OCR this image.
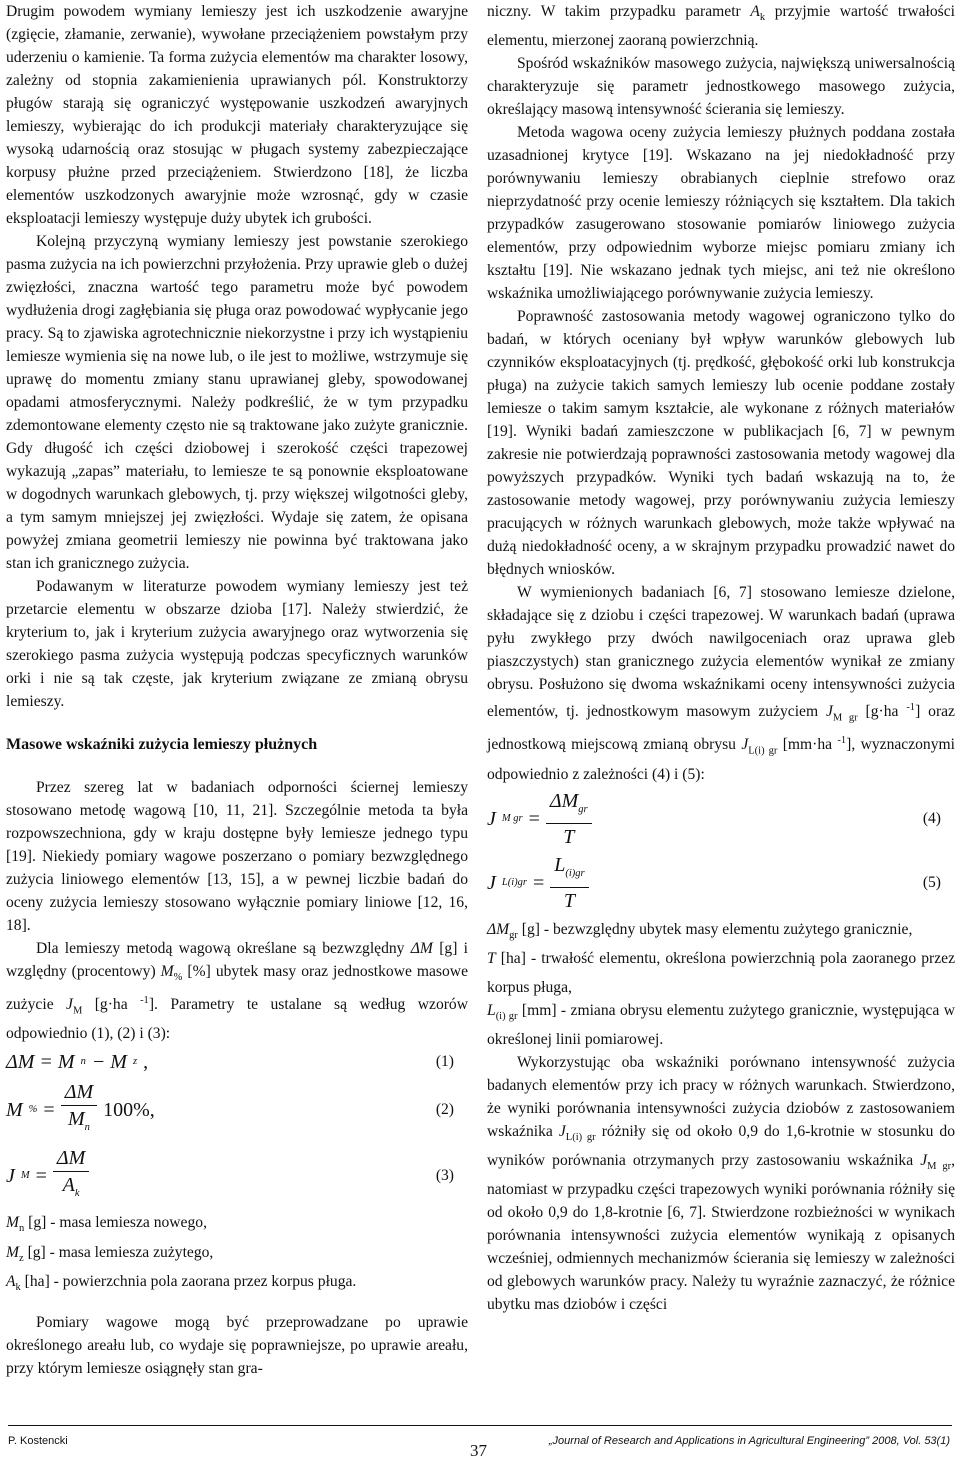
Drugim powodem wymiany lemieszy jest ich uszkodzenie awaryjne (zgięcie, złamanie, zerwanie), wywołane przeciążeniem powstałym przy uderzeniu o kamienie. Ta forma zużycia elementów ma charakter losowy, zależny od stopnia zakamienienia uprawianych pól. Konstruktorzy pługów starają się ograniczyć występowanie uszkodzeń awaryjnych lemieszy, wybierając do ich produkcji materiały charakteryzujące się wysoką udarnością oraz stosując w pługach systemy zabezpieczające korpusy płużne przed przeciążeniem. Stwierdzono [18], że liczba elementów uszkodzonych awaryjnie może wzrosnąć, gdy w czasie eksploatacji lemieszy występuje duży ubytek ich grubości.

Kolejną przyczyną wymiany lemieszy jest powstanie szerokiego pasma zużycia na ich powierzchni przyłożenia. Przy uprawie gleb o dużej zwięzłości, znaczna wartość tego parametru może być powodem wydłużenia drogi zagłębiania się pługa oraz powodować wypłycanie jego pracy. Są to zjawiska agrotechnicznie niekorzystne i przy ich wystąpieniu lemiesze wymienia się na nowe lub, o ile jest to możliwe, wstrzymuje się uprawę do momentu zmiany stanu uprawianej gleby, spowodowanej opadami atmosferycznymi. Należy podkreślić, że w tym przypadku zdemontowane elementy często nie są traktowane jako zużyte granicznie. Gdy długość ich części dziobowej i szerokość części trapezowej wykazują „zapas” materiału, to lemiesze te są ponownie eksploatowane w dogodnych warunkach glebowych, tj. przy większej wilgotności gleby, a tym samym mniejszej jej zwięzłości. Wydaje się zatem, że opisana powyżej zmiana geometrii lemieszy nie powinna być traktowana jako stan ich granicznego zużycia.

Podawanym w literaturze powodem wymiany lemieszy jest też przetarcie elementu w obszarze dzioba [17]. Należy stwierdzić, że kryterium to, jak i kryterium zużycia awaryjnego oraz wytworzenia się szerokiego pasma zużycia występują podczas specyficznych warunków orki i nie są tak częste, jak kryterium związane ze zmianą obrysu lemieszy.

Masowe wskaźniki zużycia lemieszy płużnych

Przez szereg lat w badaniach odporności ściernej lemieszy stosowano metodę wagową [10, 11, 21]. Szczególnie metoda ta była rozpowszechniona, gdy w kraju dostępne były lemiesze jednego typu [19]. Niekiedy pomiary wagowe poszerzano o pomiary bezwzględnego zużycia liniowego elementów [13, 15], a w pewnej liczbie badań do oceny zużycia lemieszy stosowano wyłącznie pomiary liniowe [12, 16, 18].

Dla lemieszy metodą wagową określane są bezwzględny ΔM [g] i względny (procentowy) $M_{\%}$ [%] ubytek masy oraz jednostkowe masowe zużycie $J_M$ [g·ha $^{-1}$]. Parametry te ustalane są według wzorów odpowiednio (1), (2) i (3):

ΔM = M n − M z ,	(1)
M % = $\frac{\Delta M}{M_n} 100\%$,	(2)
J $M = \frac{\Delta M}{A_k}$	(3)

$M_n$ [g] - masa lemiesza nowego,

$M_z$ [g] - masa lemiesza zużytego,

$A_k$ [ha] - powierzchnia pola zaorana przez korpus pługa.

Pomiary wagowe mogą być przeprowadzane po uprawie określonego areału lub, co wydaje się poprawniejsze, po uprawie areału, przy którym lemiesze osiągnęły stan gra-

niczny. W takim przypadku parametr $A_k$ przyjmie wartość trwałości elementu, mierzonej zaoraną powierzchnią.

Spośród wskaźników masowego zużycia, największą uniwersalnością charakteryzuje się parametr jednostkowego masowego zużycia, określający masową intensywność ścierania się lemieszy.

Metoda wagowa oceny zużycia lemieszy płużnych poddana została uzasadnionej krytyce [19]. Wskazano na jej niedokładność przy porównywaniu lemieszy obrabianych cieplnie strefowo oraz nieprzydatność przy ocenie lemieszy różniących się kształtem. Dla takich przypadków zasugerowano stosowanie pomiarów liniowego zużycia elementów, przy odpowiednim wyborze miejsc pomiaru zmiany ich kształtu [19]. Nie wskazano jednak tych miejsc, ani też nie określono wskaźnika umożliwiającego porównywanie zużycia lemieszy.

Poprawność zastosowania metody wagowej ograniczono tylko do badań, w których oceniany był wpływ warunków glebowych lub czynników eksploatacyjnych (tj. prędkość, głębokość orki lub konstrukcja pługa) na zużycie takich samych lemieszy lub ocenie poddane zostały lemiesze o takim samym kształcie, ale wykonane z różnych materiałów [19]. Wyniki badań zamieszczone w publikacjach [6, 7] w pewnym zakresie nie potwierdzają poprawności zastosowania metody wagowej dla powyższych przypadków. Wyniki tych badań wskazują na to, że zastosowanie metody wagowej, przy porównywaniu zużycia lemieszy pracujących w różnych warunkach glebowych, może także wpływać na dużą niedokładność oceny, a w skrajnym przypadku prowadzić nawet do błędnych wniosków.

W wymienionych badaniach [6, 7] stosowano lemiesze dzielone, składające się z dziobu i części trapezowej. W warunkach badań (uprawa pyłu zwykłego przy dwóch nawilgoceniach oraz uprawa gleb piaszczystych) stan granicznego zużycia elementów wynikał ze zmiany obrysu. Posłużono się dwoma wskaźnikami oceny intensywności zużycia elementów, tj. jednostkowym masowym zużyciem $J_{M gr}$ [g·ha $^{-1}$] oraz jednostkową miejscową zmianą obrysu $J_{L(i) gr}$ [mm·ha $^{-1}$], wyznaczonymi odpowiednio z zależności (4) i (5):

J M gr = $\frac{\Delta M_{gr}}{T}$	(4)
J $L(i)gr = \frac{L_{(i)gr}}{T}$	(5)

$\Delta M_{gr}$ [g] - bezwzględny ubytek masy elementu zużytego granicznie,

T [ha] - trwałość elementu, określona powierzchnią pola zaoranego przez korpus pługa,

$L_{(i) gr}$ [mm] - zmiana obrysu elementu zużytego granicznie, występująca w określonej linii pomiarowej.

Wykorzystując oba wskaźniki porównano intensywność zużycia badanych elementów przy ich pracy w różnych warunkach. Stwierdzono, że wyniki porównania intensywności zużycia dziobów z zastosowaniem wskaźnika $J_{L(i) gr}$ różniły się od około 0,9 do 1,6-krotnie w stosunku do wyników porównania otrzymanych przy zastosowaniu wskaźnika $J_{M gr}$, natomiast w przypadku części trapezowych wyniki porównania różniły się od około 0,9 do 1,8-krotnie [6, 7]. Stwierdzone rozbieżności w wynikach porównania intensywności zużycia elementów wynikają z opisanych wcześniej, odmiennych mechanizmów ścierania się lemieszy w zależności od glebowych warunków pracy. Należy tu wyraźnie zaznaczyć, że różnice ubytku mas dziobów i części

P. Kostencki	37	„Journal of Research and Applications in Agricultural Engineering” 2008, Vol. 53(1)
